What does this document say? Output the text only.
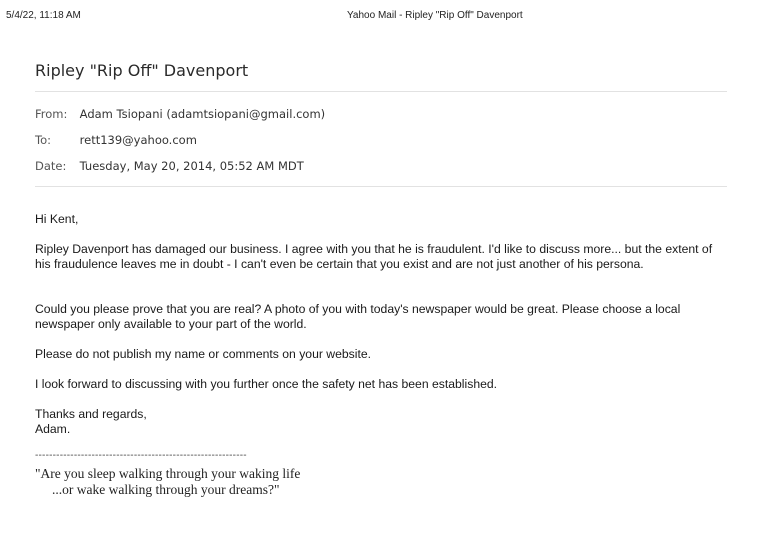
5/4/22, 11:18 AM	Yahoo Mail - Ripley "Rip Off" Davenport
Ripley "Rip Off" Davenport
From: Adam Tsiopani (adamtsiopani@gmail.com)
To: rett139@yahoo.com
Date: Tuesday, May 20, 2014, 05:52 AM MDT
Hi Kent,
Ripley Davenport has damaged our business. I agree with you that he is fraudulent. I'd like to discuss more... but the extent of his fraudulence leaves me in doubt - I can't even be certain that you exist and are not just another of his persona.
Could you please prove that you are real? A photo of you with today's newspaper would be great. Please choose a local newspaper only available to your part of the world.
Please do not publish my name or comments on your website.
I look forward to discussing with you further once the safety net has been established.
Thanks and regards,
Adam.
------------------------------------------------------------
"Are you sleep walking through your waking life
...or wake walking through your dreams?"
